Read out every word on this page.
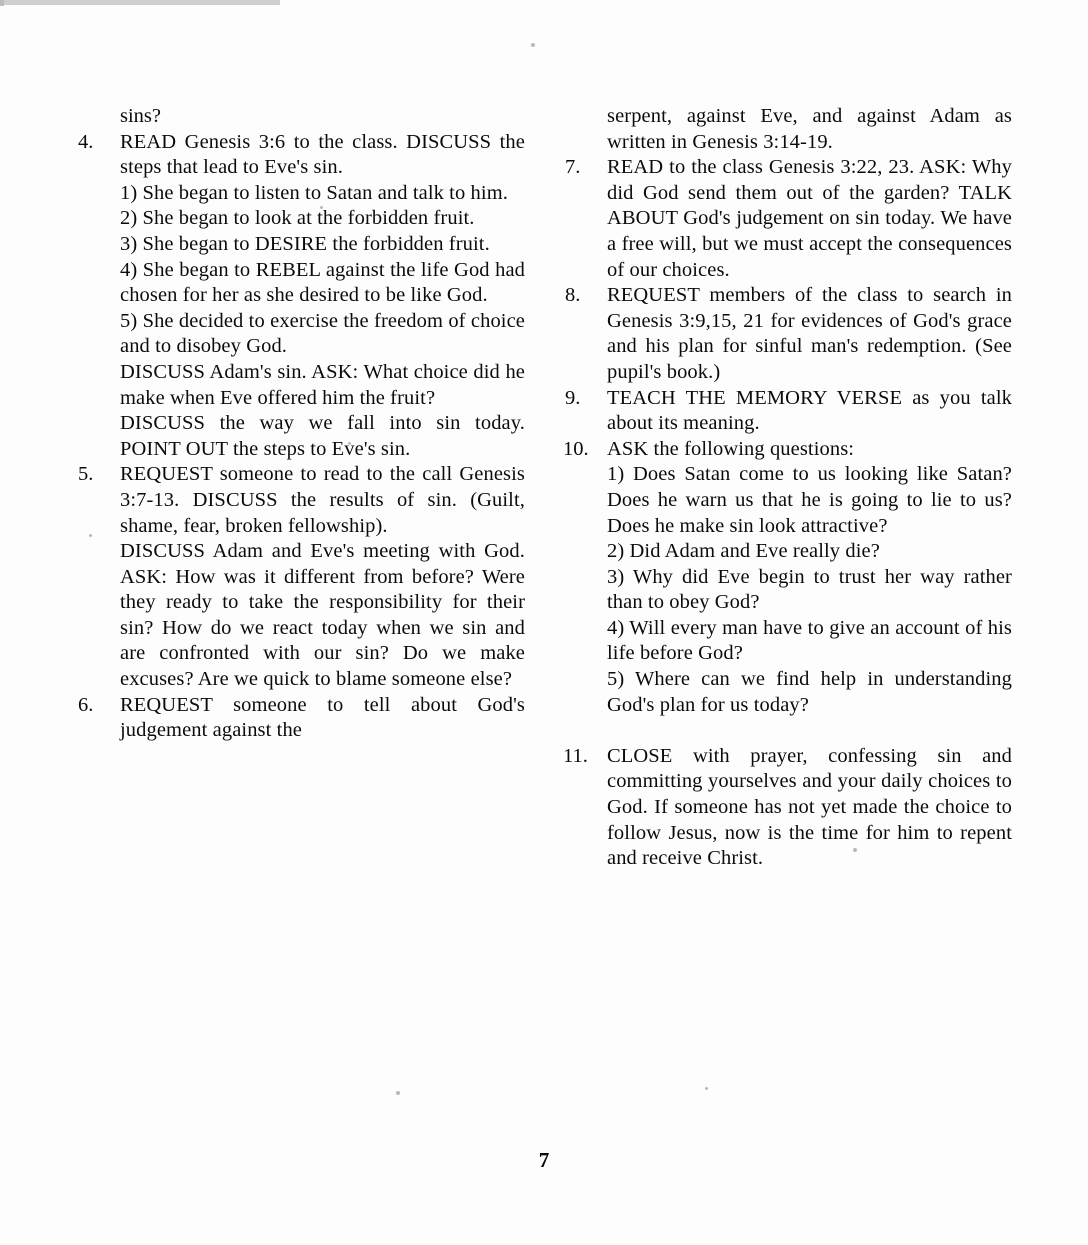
sins?

4.	READ Genesis 3:6 to the class. DISCUSS the steps that lead to Eve's sin.

1) She began to listen to Satan and talk to him.

2) She began to look at the forbidden fruit.

3) She began to DESIRE the forbidden fruit.

4) She began to REBEL against the life God had chosen for her as she desired to be like God.

5) She decided to exercise the freedom of choice and to disobey God.

DISCUSS Adam's sin. ASK: What choice did he make when Eve offered him the fruit?

DISCUSS the way we fall into sin today. POINT OUT the steps to Eve's sin.

5.	REQUEST someone to read to the call Genesis 3:7-13. DISCUSS the results of sin. (Guilt, shame, fear, broken fellowship).

DISCUSS Adam and Eve's meeting with God. ASK: How was it different from before? Were they ready to take the responsibility for their sin? How do we react today when we sin and are confronted with our sin? Do we make excuses? Are we quick to blame someone else?

6.	REQUEST someone to tell about God's judgement against the

serpent, against Eve, and against Adam as written in Genesis 3:14-19.

7.	READ to the class Genesis 3:22, 23. ASK: Why did God send them out of the garden? TALK ABOUT God's judgement on sin today. We have a free will, but we must accept the consequences of our choices.

8.	REQUEST members of the class to search in Genesis 3:9,15, 21 for evidences of God's grace and his plan for sinful man's redemption. (See pupil's book.)

9.	TEACH THE MEMORY VERSE as you talk about its meaning.

10. ASK the following questions:

1) Does Satan come to us looking like Satan? Does he warn us that he is going to lie to us? Does he make sin look attractive?

2) Did Adam and Eve really die?

3) Why did Eve begin to trust her way rather than to obey God?

4) Will every man have to give an account of his life before God?

5) Where can we find help in understanding God's plan for us today?

11. CLOSE with prayer, confessing sin and committing yourselves and your daily choices to God. If someone has not yet made the choice to follow Jesus, now is the time for him to repent and receive Christ.

7
